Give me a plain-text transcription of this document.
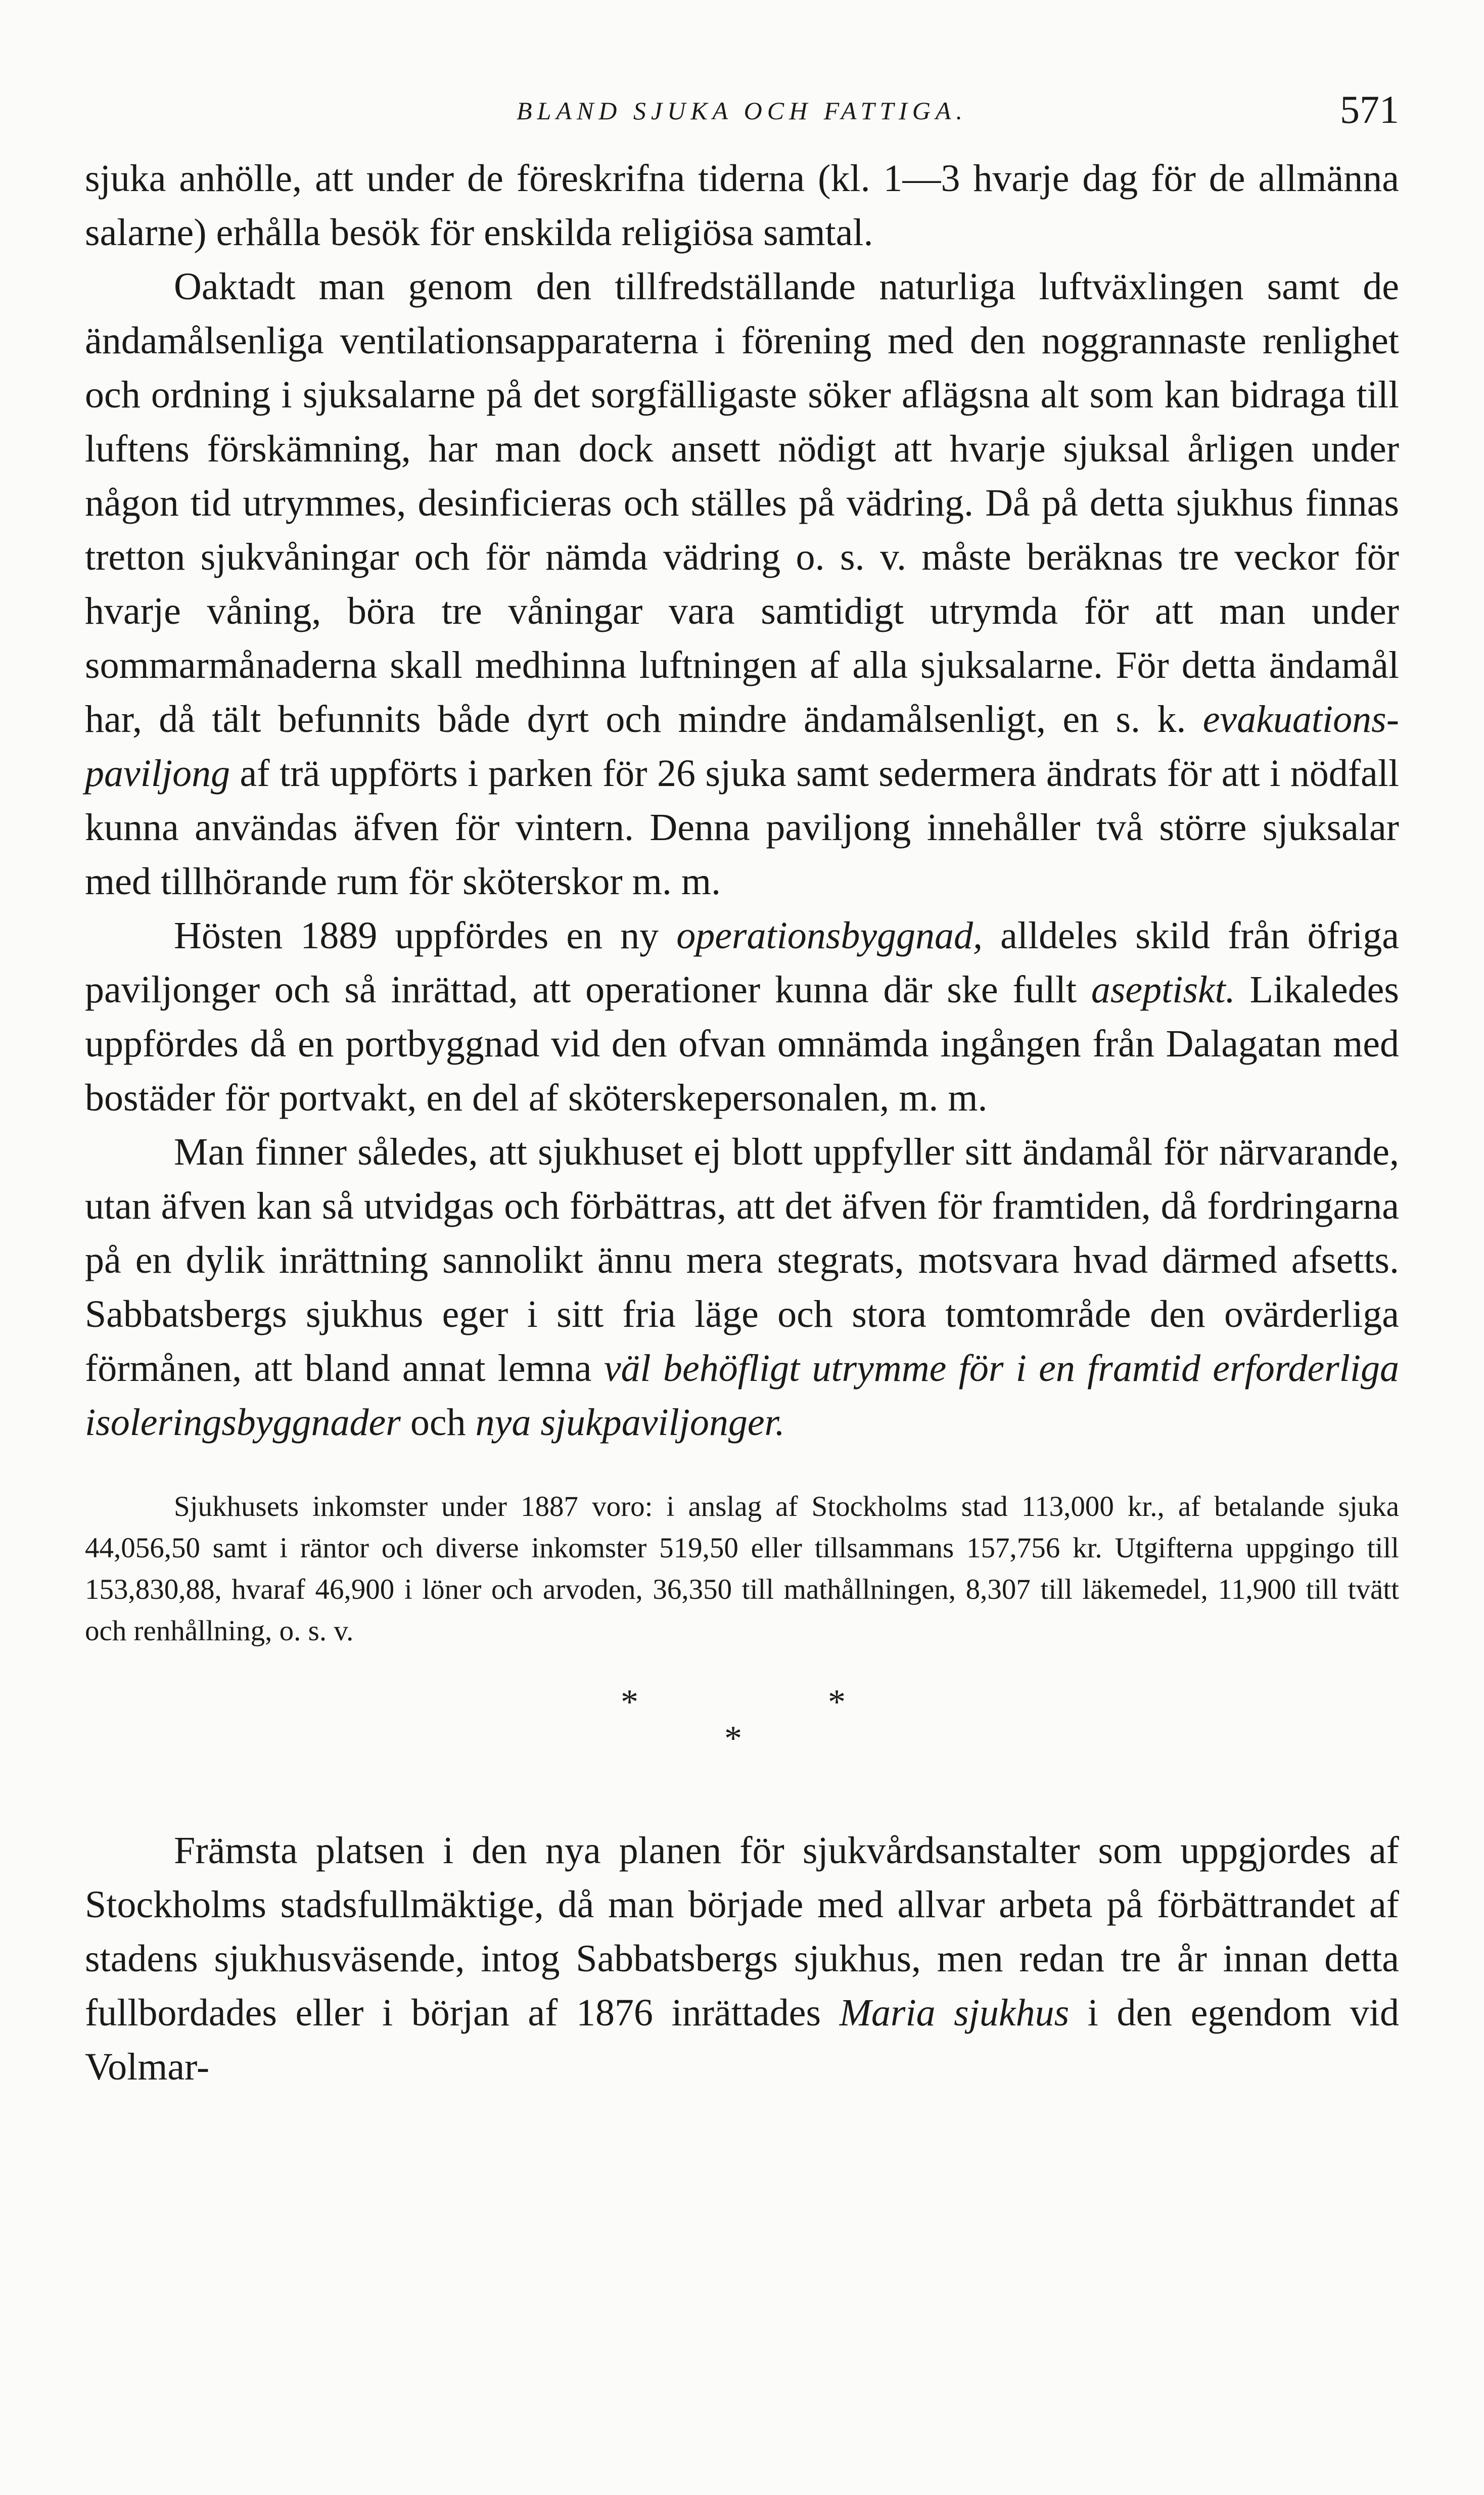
BLAND SJUKA OCH FATTIGA.	571

sjuka anhölle, att under de föreskrifna tiderna (kl. 1—3 hvarje dag för de allmänna salarne) erhålla besök för enskilda religiösa samtal.

Oaktadt man genom den tillfredställande naturliga luftväxlingen samt de ändamålsenliga ventilationsapparaterna i förening med den noggrannaste renlighet och ordning i sjuksalarne på det sorgfälligaste söker aflägsna alt som kan bidraga till luftens förskämning, har man dock ansett nödigt att hvarje sjuksal årligen under någon tid utrymmes, desinficieras och ställes på vädring. Då på detta sjukhus finnas tretton sjukvåningar och för nämda vädring o. s. v. måste beräknas tre veckor för hvarje våning, böra tre våningar vara samtidigt utrymda för att man under sommarmånaderna skall medhinna luftningen af alla sjuksalarne. För detta ändamål har, då tält befunnits både dyrt och mindre ändamålsenligt, en s. k. evakuations-paviljong af trä uppförts i parken för 26 sjuka samt sedermera ändrats för att i nödfall kunna användas äfven för vintern. Denna paviljong innehåller två större sjuksalar med tillhörande rum för sköterskor m. m.

Hösten 1889 uppfördes en ny operationsbyggnad, alldeles skild från öfriga paviljonger och så inrättad, att operationer kunna där ske fullt aseptiskt. Likaledes uppfördes då en portbyggnad vid den ofvan omnämda ingången från Dalagatan med bostäder för portvakt, en del af sköterskepersonalen, m. m.

Man finner således, att sjukhuset ej blott uppfyller sitt ändamål för närvarande, utan äfven kan så utvidgas och förbättras, att det äfven för framtiden, då fordringarna på en dylik inrättning sannolikt ännu mera stegrats, motsvara hvad därmed afsetts. Sabbatsbergs sjukhus eger i sitt fria läge och stora tomtområde den ovärderliga förmånen, att bland annat lemna väl behöfligt utrymme för i en framtid erforderliga isoleringsbyggnader och nya sjukpaviljonger.

Sjukhusets inkomster under 1887 voro: i anslag af Stockholms stad 113,000 kr., af betalande sjuka 44,056,50 samt i räntor och diverse inkomster 519,50 eller tillsammans 157,756 kr. Utgifterna uppgingo till 153,830,88, hvaraf 46,900 i löner och arvoden, 36,350 till mathållningen, 8,307 till läkemedel, 11,900 till tvätt och renhållning, o. s. v.

*	*
*

Främsta platsen i den nya planen för sjukvårdsanstalter som uppgjordes af Stockholms stadsfullmäktige, då man började med allvar arbeta på förbättrandet af stadens sjukhusväsende, intog Sabbatsbergs sjukhus, men redan tre år innan detta fullbordades eller i början af 1876 inrättades Maria sjukhus i den egendom vid Volmar-
